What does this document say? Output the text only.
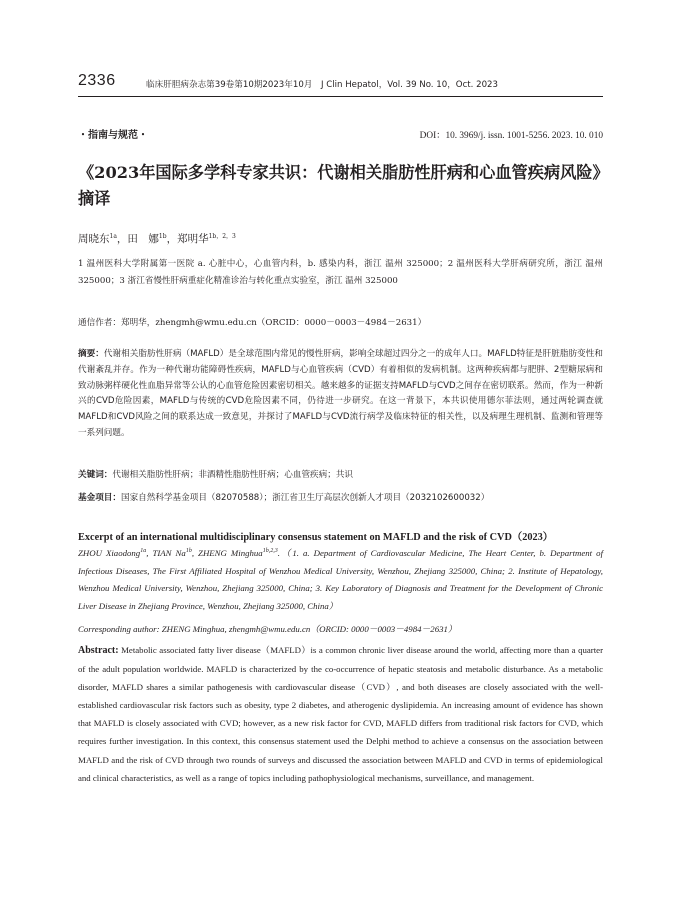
2336	临床肝胆病杂志第39卷第10期2023年10月　J Clin Hepatol，Vol. 39 No. 10，Oct. 2023
・指南与规范・	DOI：10. 3969/j. issn. 1001-5256. 2023. 10. 010
《2023年国际多学科专家共识：代谢相关脂肪性肝病和心血管疾病风险》摘译
周晓东$^{1a}$，田　娜$^{1b}$，郑明华$^{1b,2,3}$
1 温州医科大学附属第一医院 a. 心脏中心，心血管内科，b. 感染内科，浙江 温州 325000；2 温州医科大学肝病研究所，浙江 温州 325000；3 浙江省慢性肝病重症化精准诊治与转化重点实验室，浙江 温州 325000
通信作者：郑明华，zhengmh@wmu.edu.cn（ORCID：0000－0003－4984－2631）
摘要：代谢相关脂肪性肝病（MAFLD）是全球范围内常见的慢性肝病，影响全球超过四分之一的成年人口。MAFLD特征是肝脏脂肪变性和代谢紊乱并存。作为一种代谢功能障碍性疾病，MAFLD与心血管疾病（CVD）有着相似的发病机制。这两种疾病都与肥胖、2型糖尿病和致动脉粥样硬化性血脂异常等公认的心血管危险因素密切相关。越来越多的证据支持MAFLD与CVD之间存在密切联系。然而，作为一种新兴的CVD危险因素，MAFLD与传统的CVD危险因素不同，仍待进一步研究。在这一背景下，本共识使用德尔菲法则，通过两轮调查就MAFLD和CVD风险之间的联系达成一致意见，并探讨了MAFLD与CVD流行病学及临床特征的相关性，以及病理生理机制、监测和管理等一系列问题。
关键词：代谢相关脂肪性肝病；非酒精性脂肪性肝病；心血管疾病；共识
基金项目：国家自然科学基金项目（82070588）；浙江省卫生厅高层次创新人才项目（2032102600032）
Excerpt of an international multidisciplinary consensus statement on MAFLD and the risk of CVD（2023）
ZHOU Xiaodong$^{1a}$, TIAN $Na^{1b}$, ZHENG Minghua$^{1b,2,3}$.（1. a. Department of Cardiovascular Medicine, The Heart Center, b. Department of Infectious Diseases, The First Affiliated Hospital of Wenzhou Medical University, Wenzhou, Zhejiang 325000, China; 2. Institute of Hepatology, Wenzhou Medical University, Wenzhou, Zhejiang 325000, China; 3. Key Laboratory of Diagnosis and Treatment for the Development of Chronic Liver Disease in Zhejiang Province, Wenzhou, Zhejiang 325000, China）
Corresponding author: ZHENG Minghua, zhengmh@wmu.edu.cn（ORCID: 0000－0003－4984－2631）
Abstract: Metabolic associated fatty liver disease（MAFLD）is a common chronic liver disease around the world, affecting more than a quarter of the adult population worldwide. MAFLD is characterized by the co-occurrence of hepatic steatosis and metabolic disturbance. As a metabolic disorder, MAFLD shares a similar pathogenesis with cardiovascular disease（CVD）, and both diseases are closely associated with the well-established cardiovascular risk factors such as obesity, type 2 diabetes, and atherogenic dyslipidemia. An increasing amount of evidence has shown that MAFLD is closely associated with CVD; however, as a new risk factor for CVD, MAFLD differs from traditional risk factors for CVD, which requires further investigation. In this context, this consensus statement used the Delphi method to achieve a consensus on the association between MAFLD and the risk of CVD through two rounds of surveys and discussed the association between MAFLD and CVD in terms of epidemiological and clinical characteristics, as well as a range of topics including pathophysiological mechanisms, surveillance, and management.
